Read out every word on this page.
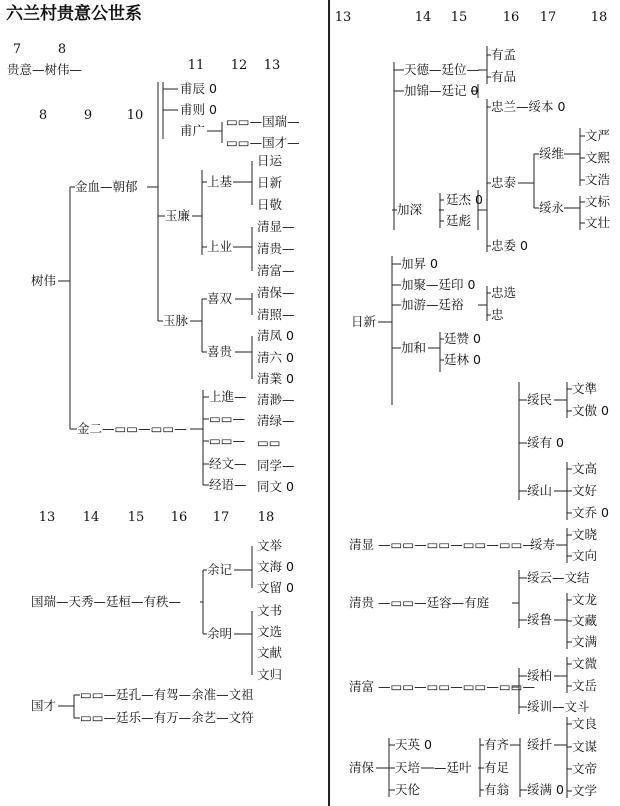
六兰村贵意公世系
7	8
8	9	10
11 12 13
13 14 15 16 17 18
13	14 15	16 17	18
贵意—树伟—
树伟
金血—朝郁
金二—▭▭—▭▭—
玉廉
玉脉
甫辰 0
甫则 0
甫广
▭▭—国瑞—
▭▭—国才—
上基
上业
日运
日新
日敬
清显—
清贵—
清富—
喜双
喜贵
清保—
清照—
清凤 0
清六 0
清業 0
上進—
▭▭—
▭▭—
经文—
经语—
清渺—
清绿—
▭▭
同学—
同文 0
国瑞—天秀—廷桓—有秩—
余记
余明
文举
文海 0
文留 0
文书
文选
文献
文归
国才
▭▭—廷孔—有驾—余准—文祖
▭▭—廷乐—有万—余艺—文符
天德—廷位—
有孟
有品
加锦—廷记 0
忠兰—绥本 0
忠泰
忠委 0
绥维
绥永
文严
文熙
文浩
文标
文壮
加深
廷杰 0
廷彪
日新
加昇 0
加聚—廷印 0
加游—廷裕
忠选
忠
加和
廷赞 0
廷林 0
绥民
文準
文傲 0
绥有 0
绥山
文高
文好
文乔 0
清显 —▭▭—▭▭—▭▭—▭▭—
绥寿
文晓
文向
清贵 —▭▭—廷容—有庭
绥云—文结
绥鲁
文龙
文藏
文满
清富 —▭▭—▭▭—▭▭—▭▭—
绥柏
绥训—文斗
文微
文岳
清保
天英 0
天培
天伦
—廷叶
有齐
有足
有翁
绥扦
绥满 0
文良
文谋
文帝
文学
